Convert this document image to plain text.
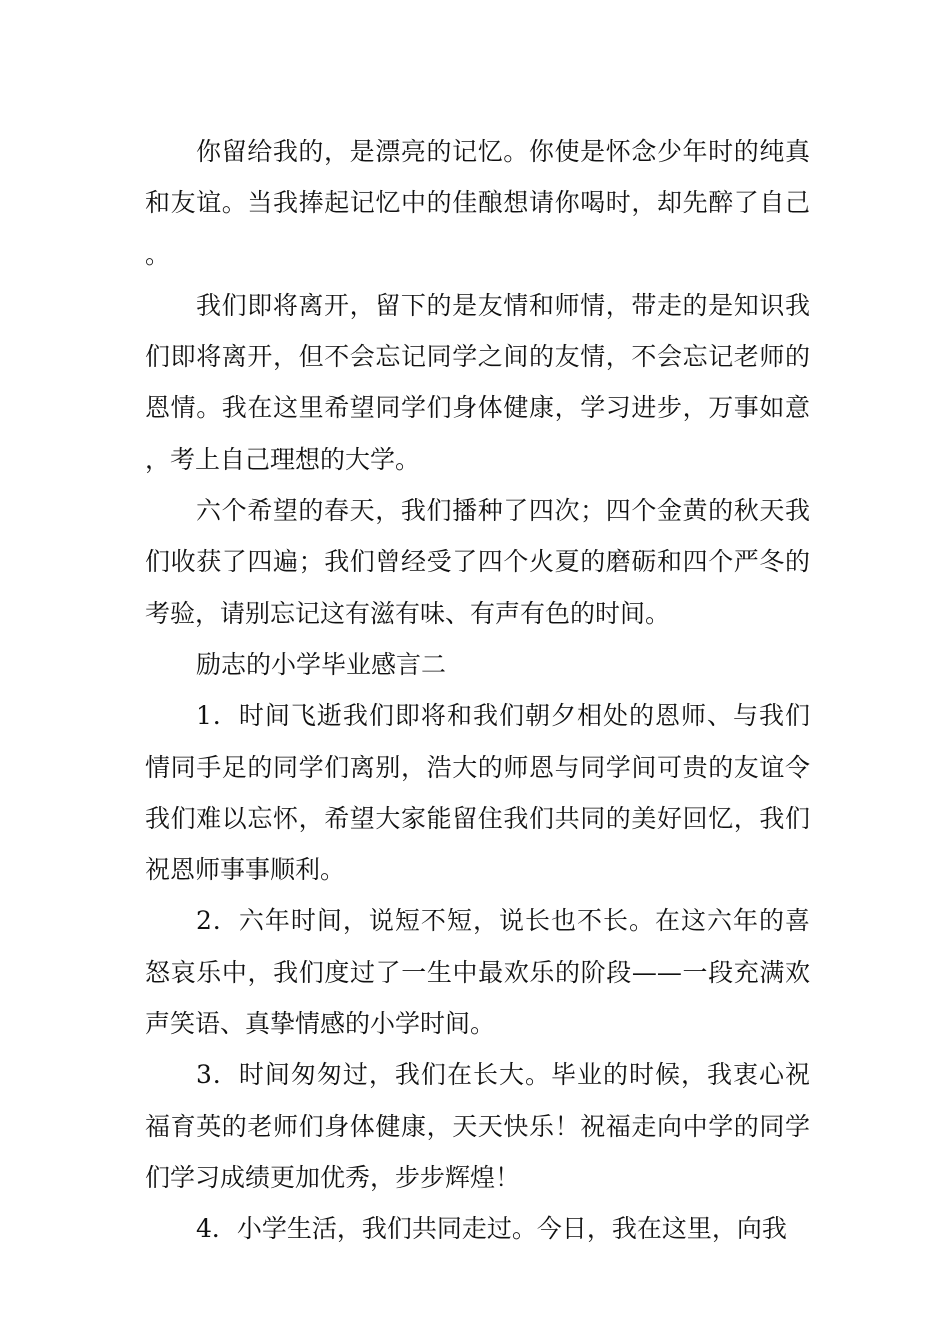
你留给我的，是漂亮的记忆。你使是怀念少年时的纯真和友谊。当我捧起记忆中的佳酿想请你喝时，却先醉了自己。

我们即将离开，留下的是友情和师情，带走的是知识我们即将离开，但不会忘记同学之间的友情，不会忘记老师的恩情。我在这里希望同学们身体健康，学习进步，万事如意，考上自己理想的大学。

六个希望的春天，我们播种了四次；四个金黄的秋天我们收获了四遍；我们曾经受了四个火夏的磨砺和四个严冬的考验，请别忘记这有滋有味、有声有色的时间。

励志的小学毕业感言二

1．时间飞逝我们即将和我们朝夕相处的恩师、与我们情同手足的同学们离别，浩大的师恩与同学间可贵的友谊令我们难以忘怀，希望大家能留住我们共同的美好回忆，我们祝恩师事事顺利。

2．六年时间，说短不短，说长也不长。在这六年的喜怒哀乐中，我们度过了一生中最欢乐的阶段——一段充满欢声笑语、真挚情感的小学时间。

3．时间匆匆过，我们在长大。毕业的时候，我衷心祝福育英的老师们身体健康，天天快乐！祝福走向中学的同学们学习成绩更加优秀，步步辉煌！

4．小学生活，我们共同走过。今日，我在这里，向我
